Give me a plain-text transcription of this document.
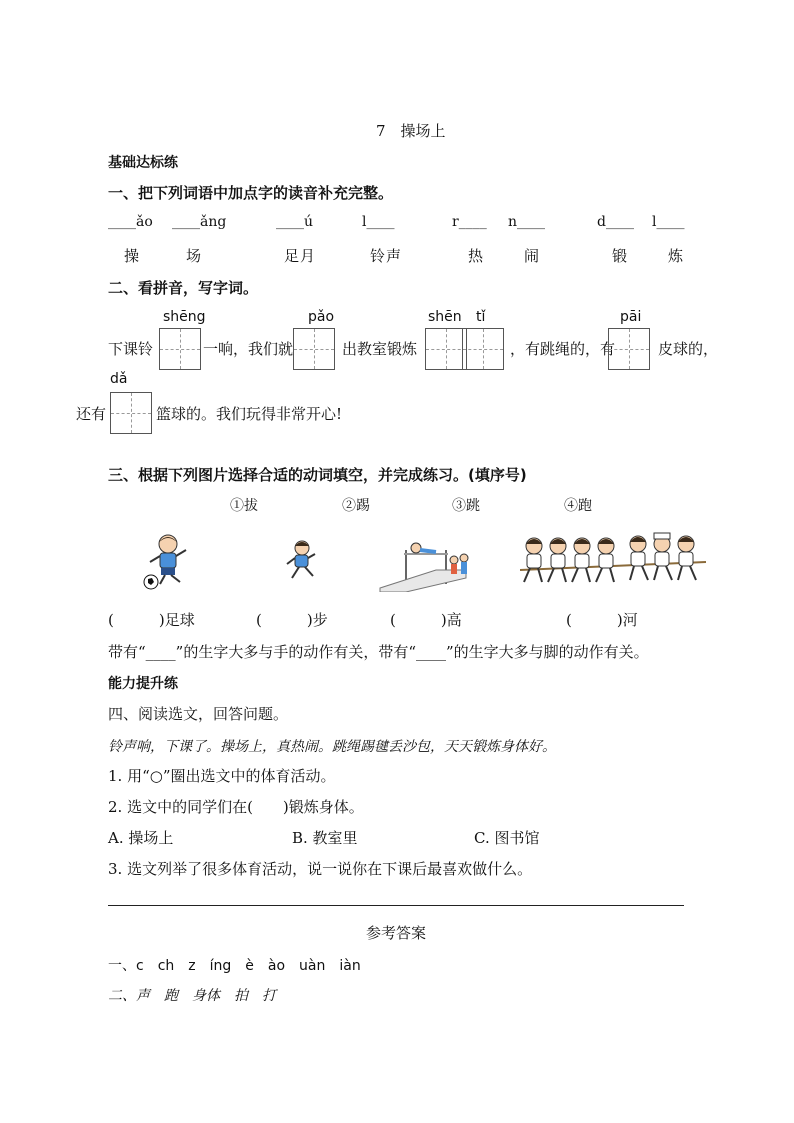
7　操场上
基础达标练
一、把下列词语中加点字的读音补充完整。
____ǎo ____ǎng	____ú	l____	r____ n____	d____ l____
操	场	足 月	铃 声	热	闹	锻	炼
二、看拼音，写字词。
shēng	pǎo	shēn tǐ	pāi
下课铃	一响，我们就	出教室锻炼	，有跳绳的，有	皮球的，
dǎ
还有	篮球的。我们玩得非常开心!
三、根据下列图片选择合适的动词填空，并完成练习。(填序号)
①拔	②踢	③跳	④跑
(　　　)足球	(　　　)步	(　　　)高	(　　　)河
带有“____”的生字大多与手的动作有关，带有“____”的生字大多与脚的动作有关。
能力提升练
四、阅读选文，回答问题。
铃声响，下课了。操场上，真热闹。跳绳踢毽丢沙包，天天锻炼身体好。
1. 用“○”圈出选文中的体育活动。
2. 选文中的同学们在(　　)锻炼身体。
A. 操场上	B. 教室里	C. 图书馆
3. 选文列举了很多体育活动，说一说你在下课后最喜欢做什么。
参考答案
一、c　ch　z　íng　è　ào　uàn　iàn
二、声　跑　身体　拍　打
